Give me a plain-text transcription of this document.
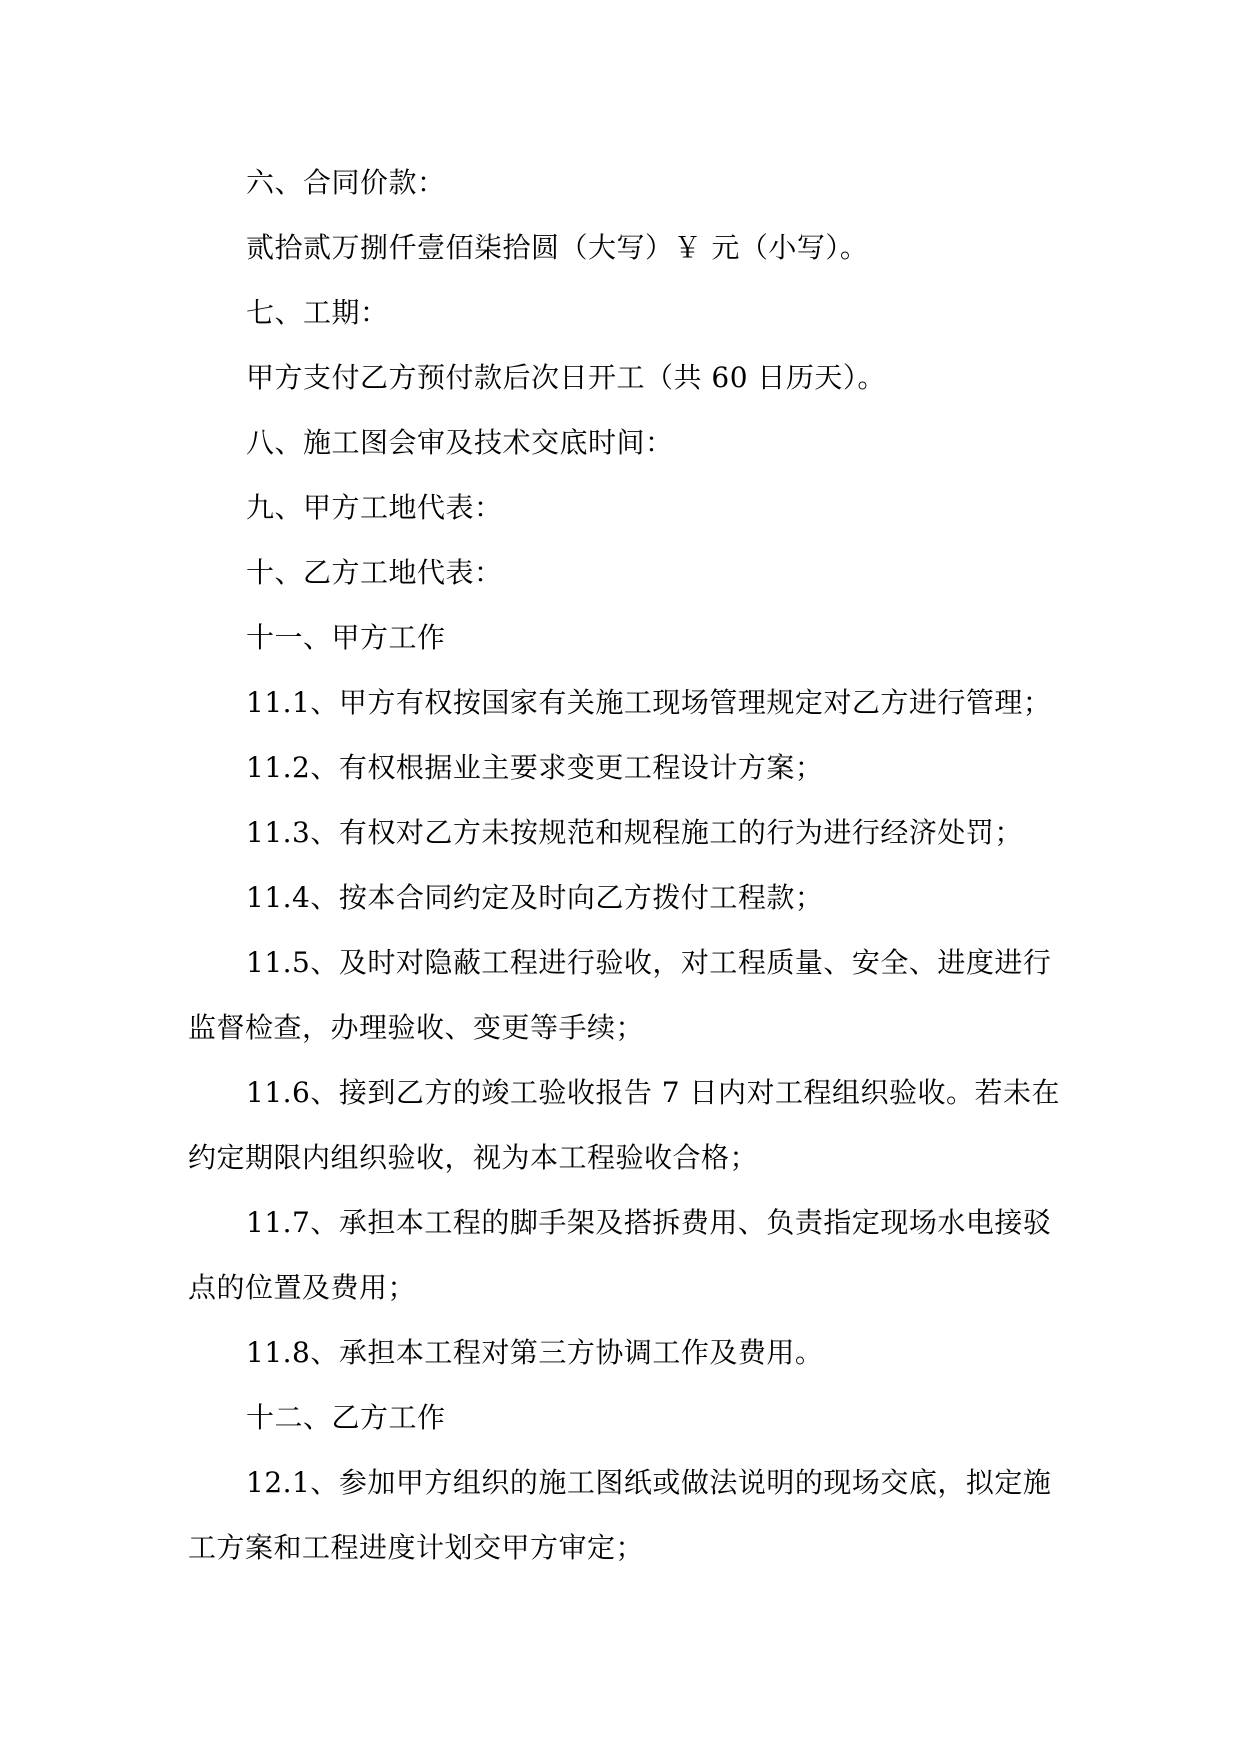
六、合同价款：
贰拾贰万捌仟壹佰柒拾圆（大写）￥ 元（小写）。
七、工期：
甲方支付乙方预付款后次日开工（共 60 日历天）。
八、施工图会审及技术交底时间：
九、甲方工地代表：
十、乙方工地代表：
十一、甲方工作
11.1、甲方有权按国家有关施工现场管理规定对乙方进行管理；
11.2、有权根据业主要求变更工程设计方案；
11.3、有权对乙方未按规范和规程施工的行为进行经济处罚；
11.4、按本合同约定及时向乙方拨付工程款；
11.5、及时对隐蔽工程进行验收，对工程质量、安全、进度进行
监督检查，办理验收、变更等手续；
11.6、接到乙方的竣工验收报告 7 日内对工程组织验收。若未在
约定期限内组织验收，视为本工程验收合格；
11.7、承担本工程的脚手架及搭拆费用、负责指定现场水电接驳
点的位置及费用；
11.8、承担本工程对第三方协调工作及费用。
十二、乙方工作
12.1、参加甲方组织的施工图纸或做法说明的现场交底，拟定施
工方案和工程进度计划交甲方审定；
